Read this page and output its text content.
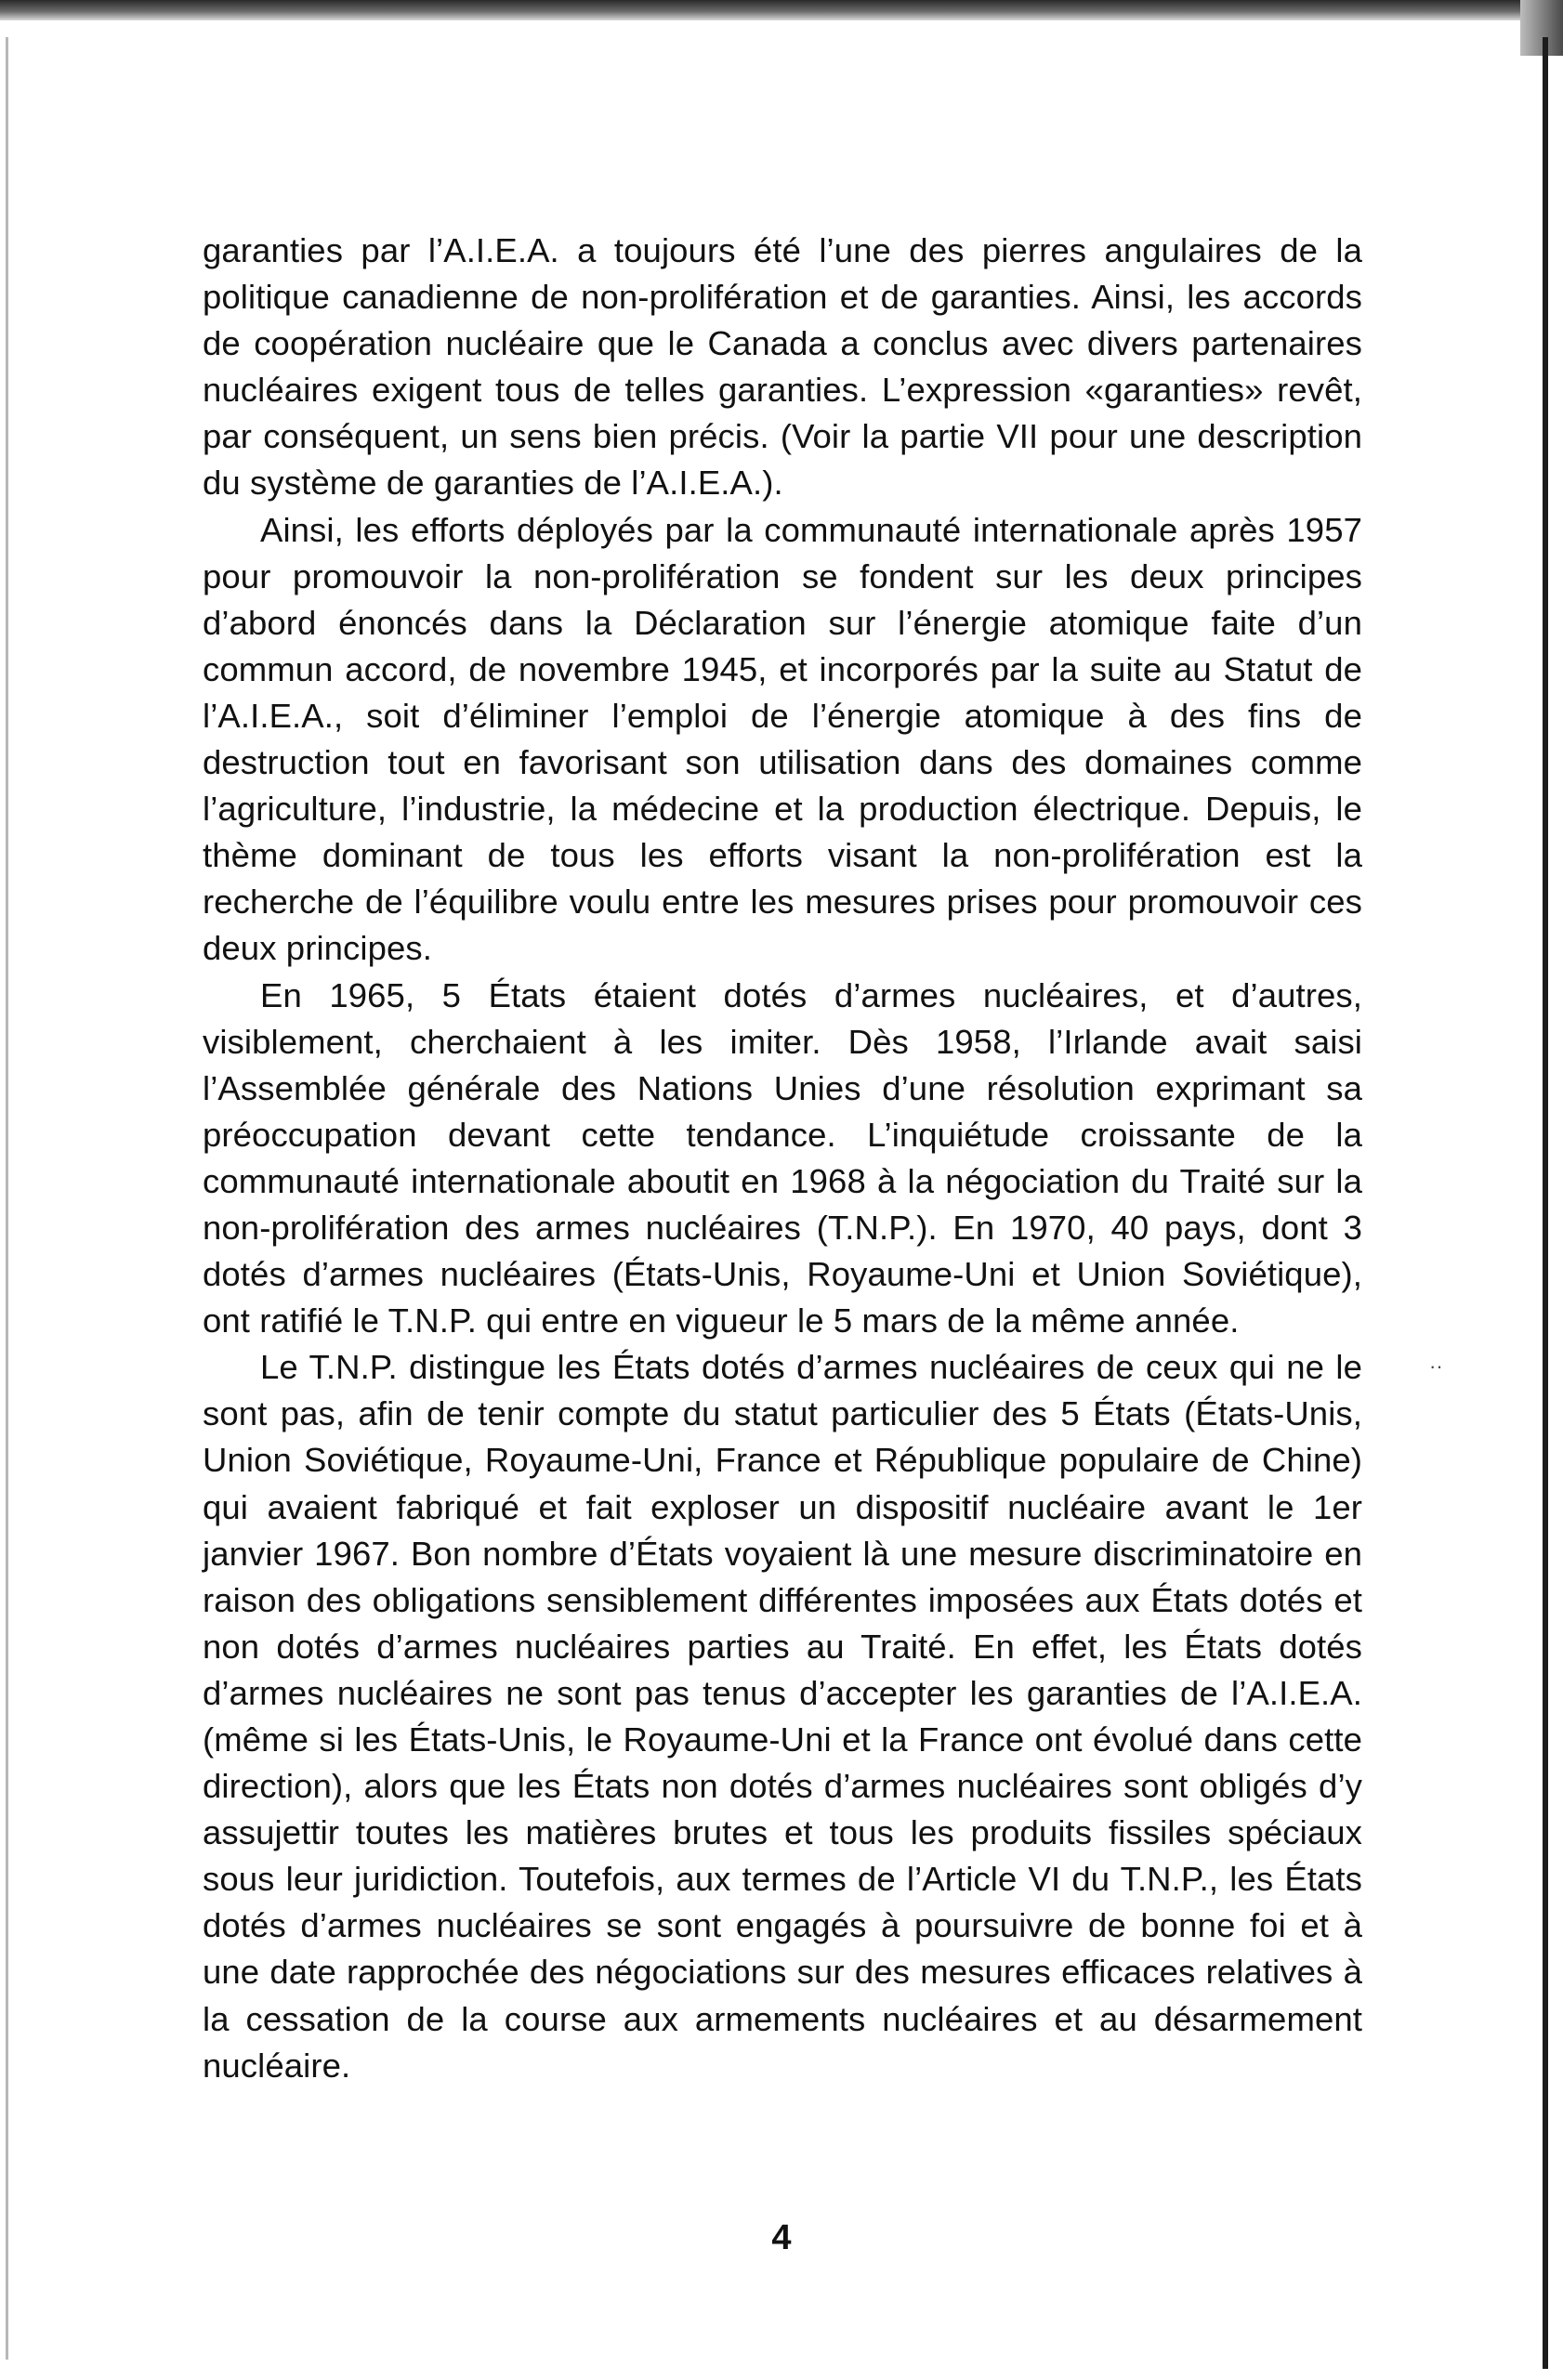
garanties par l’A.I.E.A. a toujours été l’une des pierres angulaires de la politique canadienne de non-prolifération et de garanties. Ainsi, les accords de coopération nucléaire que le Canada a conclus avec divers partenaires nucléaires exigent tous de telles garanties. L’expression «garanties» revêt, par conséquent, un sens bien précis. (Voir la partie VII pour une description du système de garanties de l’A.I.E.A.).

Ainsi, les efforts déployés par la communauté internationale après 1957 pour promouvoir la non-prolifération se fondent sur les deux principes d’abord énoncés dans la Déclaration sur l’énergie atomique faite d’un commun accord, de novembre 1945, et incorporés par la suite au Statut de l’A.I.E.A., soit d’éliminer l’emploi de l’énergie atomique à des fins de destruction tout en favorisant son utilisation dans des domaines comme l’agriculture, l’industrie, la médecine et la production électrique. Depuis, le thème dominant de tous les efforts visant la non-prolifération est la recherche de l’équilibre voulu entre les mesures prises pour promouvoir ces deux principes.

En 1965, 5 États étaient dotés d’armes nucléaires, et d’autres, visiblement, cherchaient à les imiter. Dès 1958, l’Irlande avait saisi l’Assemblée générale des Nations Unies d’une résolution exprimant sa préoccupation devant cette tendance. L’inquiétude croissante de la communauté internationale aboutit en 1968 à la négociation du Traité sur la non-prolifération des armes nucléaires (T.N.P.). En 1970, 40 pays, dont 3 dotés d’armes nucléaires (États-Unis, Royaume-Uni et Union Soviétique), ont ratifié le T.N.P. qui entre en vigueur le 5 mars de la même année.

Le T.N.P. distingue les États dotés d’armes nucléaires de ceux qui ne le sont pas, afin de tenir compte du statut particulier des 5 États (États-Unis, Union Soviétique, Royaume-Uni, France et République populaire de Chine) qui avaient fabriqué et fait exploser un dispositif nucléaire avant le 1er janvier 1967. Bon nombre d’États voyaient là une mesure discriminatoire en raison des obligations sensiblement différentes imposées aux États dotés et non dotés d’armes nucléaires parties au Traité. En effet, les États dotés d’armes nucléaires ne sont pas tenus d’accepter les garanties de l’A.I.E.A. (même si les États-Unis, le Royaume-Uni et la France ont évolué dans cette direction), alors que les États non dotés d’armes nucléaires sont obligés d’y assujettir toutes les matières brutes et tous les produits fissiles spéciaux sous leur juridiction. Toutefois, aux termes de l’Article VI du T.N.P., les États dotés d’armes nucléaires se sont engagés à poursuivre de bonne foi et à une date rapprochée des négociations sur des mesures efficaces relatives à la cessation de la course aux armements nucléaires et au désarmement nucléaire.

··
4
